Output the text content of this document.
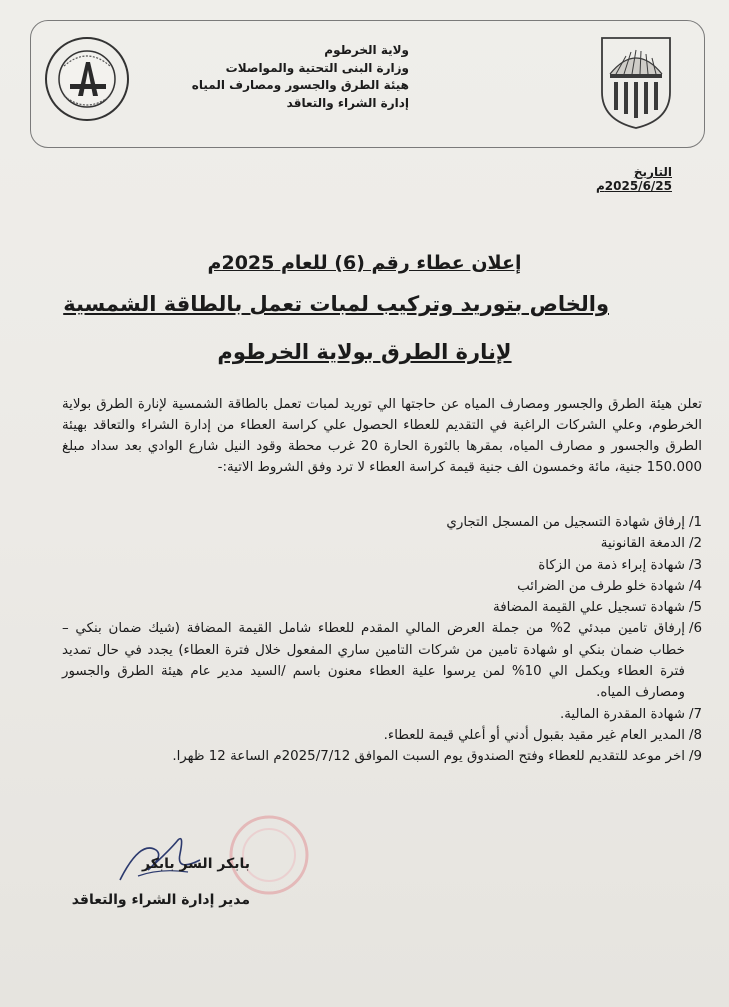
ولاية الخرطوم
وزارة البنى التحتية والمواصلات
هيئة الطرق والجسور ومصارف المياه
إدارة الشراء والتعاقد
التاريخ 2025/6/25م
إعلان عطاء رقم (6) للعام 2025م
والخاص بتوريد وتركيب لمبات تعمل بالطاقة الشمسية
لإنارة الطرق بولاية الخرطوم

تعلن هيئة الطرق والجسور ومصارف المياه عن حاجتها الي توريد لمبات تعمل بالطاقة الشمسية لإنارة الطرق بولاية الخرطوم، وعلي الشركات الراغبة في التقديم للعطاء الحصول علي كراسة العطاء من إدارة الشراء والتعاقد بهيئة الطرق والجسور و مصارف المياه، بمقرها بالثورة الحارة 20 غرب محطة وقود النيل شارع الوادي بعد سداد مبلغ 150.000 جنية، مائة وخمسون الف جنية قيمة كراسة العطاء لا ترد وفق الشروط الاتية:-

1/
إرفاق شهادة التسجيل من المسجل التجاري
2/
الدمغة القانونية
3/
شهادة إبراء ذمة من الزكاة
4/
شهادة خلو طرف من الضرائب
5/
شهادة تسجيل علي القيمة المضافة
6/
إرفاق تامين مبدئي 2% من جملة العرض المالي المقدم للعطاء شامل القيمة المضافة (شيك ضمان بنكي – خطاب ضمان بنكي او شهادة تامين من شركات التامين ساري المفعول خلال فترة العطاء) يجدد في حال تمديد فترة العطاء ويكمل الي 10% لمن يرسوا علية العطاء معنون باسم /السيد مدير عام هيئة الطرق والجسور ومصارف المياه.
7/
شهادة المقدرة المالية.
8/
المدير العام غير مقيد بقبول أدني أو أعلي قيمة للعطاء.
9/
اخر موعد للتقديم للعطاء وفتح الصندوق يوم السبت الموافق 2025/7/12م الساعة 12 ظهرا.
بابكر السر بابكر
مدير إدارة الشراء والتعاقد
